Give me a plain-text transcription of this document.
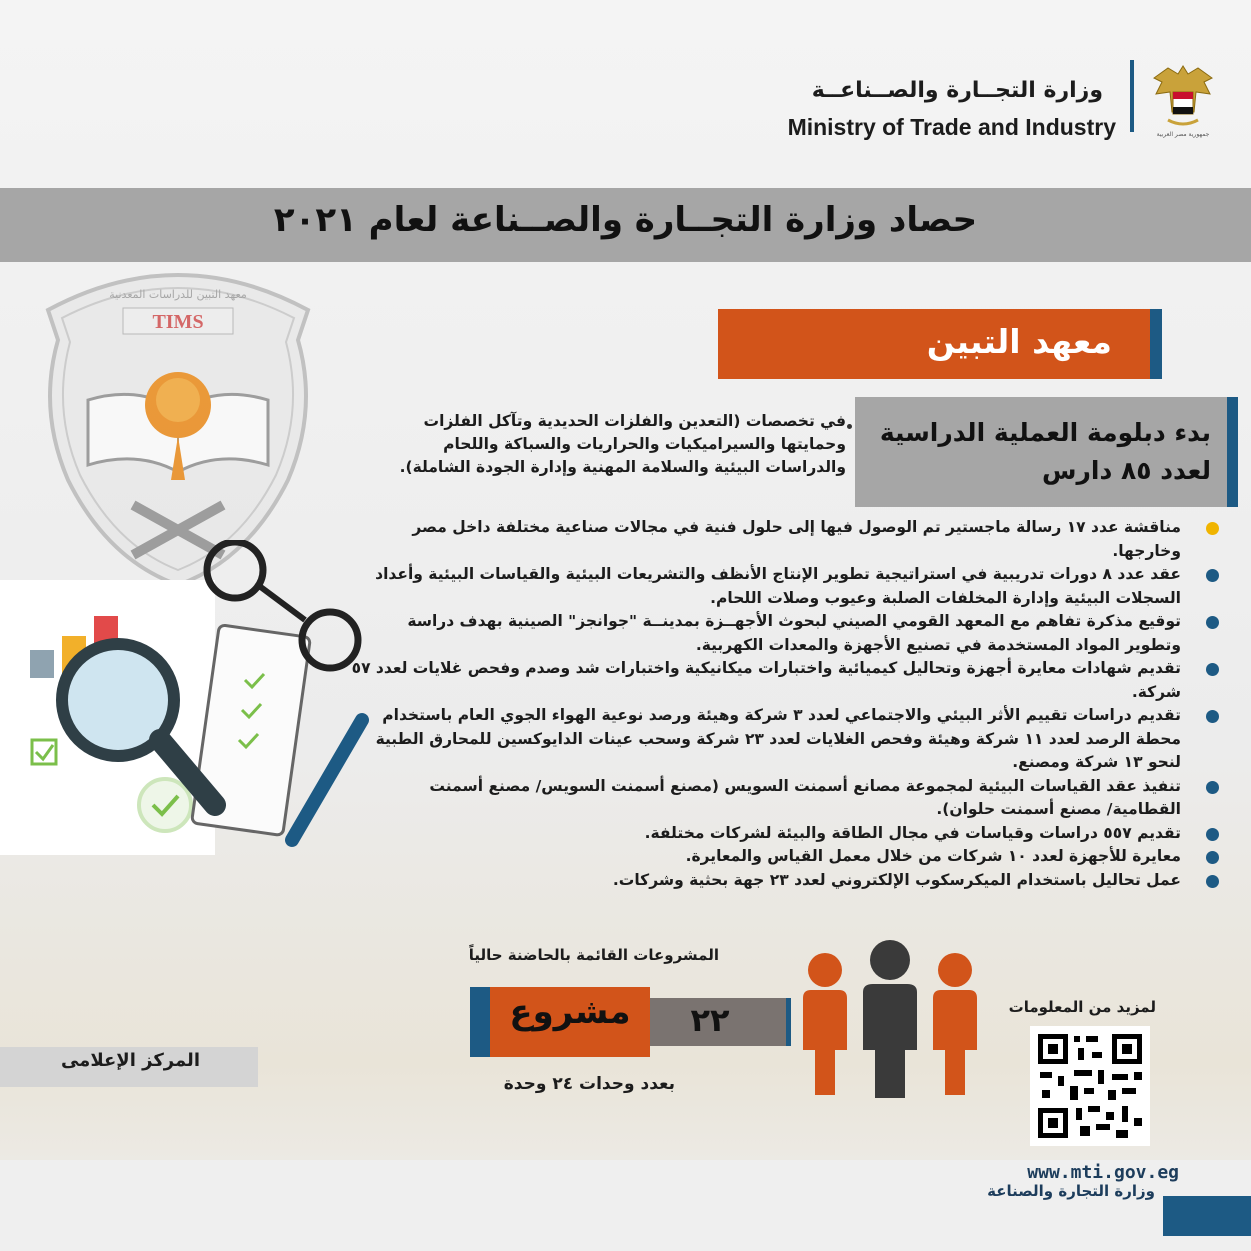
جمهورية مصر العربية
وزارة التجــارة والصــناعــة
Ministry of Trade and Industry
حصاد وزارة التجــارة والصــناعة لعام ٢٠٢١
معهد التبين للدراسات المعدنية
TIMS	معهد التبين
بدء دبلومة العملية الدراسية
لعدد ٨٥ دارس
في تخصصات (التعدين والفلزات الحديدية وتآكل الفلزات وحمايتها والسيراميكيات والحراريات والسباكة واللحام والدراسات البيئية والسلامة المهنية وإدارة الجودة الشاملة).
مناقشة عدد ١٧ رسالة ماجستير تم الوصول فيها إلى حلول فنية في مجالات صناعية مختلفة داخل مصر وخارجها.
عقد عدد ٨ دورات تدريبية في استراتيجية تطوير الإنتاج الأنظف والتشريعات البيئية والقياسات البيئية وأعداد السجلات البيئية وإدارة المخلفات الصلبة وعيوب وصلات اللحام.
توقيع مذكرة تفاهم مع المعهد القومي الصيني لبحوث الأجهــزة بمدينــة "جوانجز" الصينية بهدف دراسة وتطوير المواد المستخدمة في تصنيع الأجهزة والمعدات الكهربية.
تقديم شهادات معايرة أجهزة وتحاليل كيميائية واختبارات ميكانيكية واختبارات شد وصدم وفحص غلايات لعدد ٥٧ شركة.
تقديم دراسات تقييم الأثر البيئي والاجتماعي لعدد ٣ شركة وهيئة ورصد نوعية الهواء الجوي العام باستخدام محطة الرصد لعدد ١١ شركة وهيئة وفحص الغلايات لعدد ٢٣ شركة وسحب عينات الدايوكسين للمحارق الطبية لنحو ١٣ شركة ومصنع.
تنفيذ عقد القياسات البيئية لمجموعة مصانع أسمنت السويس (مصنع أسمنت السويس/ مصنع أسمنت القطامية/ مصنع أسمنت حلوان).
تقديم ٥٥٧ دراسات وقياسات في مجال الطاقة والبيئة لشركات مختلفة.
معايرة للأجهزة لعدد ١٠ شركات من خلال معمل القياس والمعايرة.
عمل تحاليل باستخدام الميكرسكوب الإلكتروني لعدد ٢٣ جهة بحثية وشركات.
المشروعات القائمة بالحاضنة حالياً
مشروع	٢٢
بعدد وحدات ٢٤ وحدة
لمزيد من المعلومات
المركز الإعلامى
www.mti.gov.eg
وزارة التجارة والصناعة
